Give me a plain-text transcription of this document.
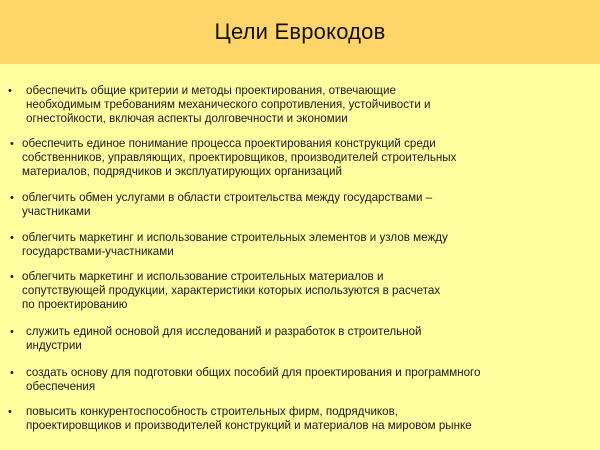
Цели Еврокодов
• обеспечить общие критерии и методы проектирования, отвечающие
необходимым требованиям механического сопротивления, устойчивости и
огнестойкости, включая аспекты долговечности и экономии
• обеспечить единое понимание процесса проектирования конструкций среди
собственников, управляющих, проектировщиков, производителей строительных
материалов, подрядчиков и эксплуатирующих организаций
• облегчить обмен услугами в области строительства между государствами –
участниками
• облегчить маркетинг и использование строительных элементов и узлов между
государствами-участниками
• облегчить маркетинг и использование строительных материалов и
сопутствующей продукции, характеристики которых используются в расчетах
по проектированию
• служить единой основой для исследований и разработок в строительной
индустрии
• создать основу для подготовки общих пособий для проектирования и программного
обеспечения
• повысить конкурентоспособность строительных фирм, подрядчиков,
проектировщиков и производителей конструкций и материалов на мировом рынке
